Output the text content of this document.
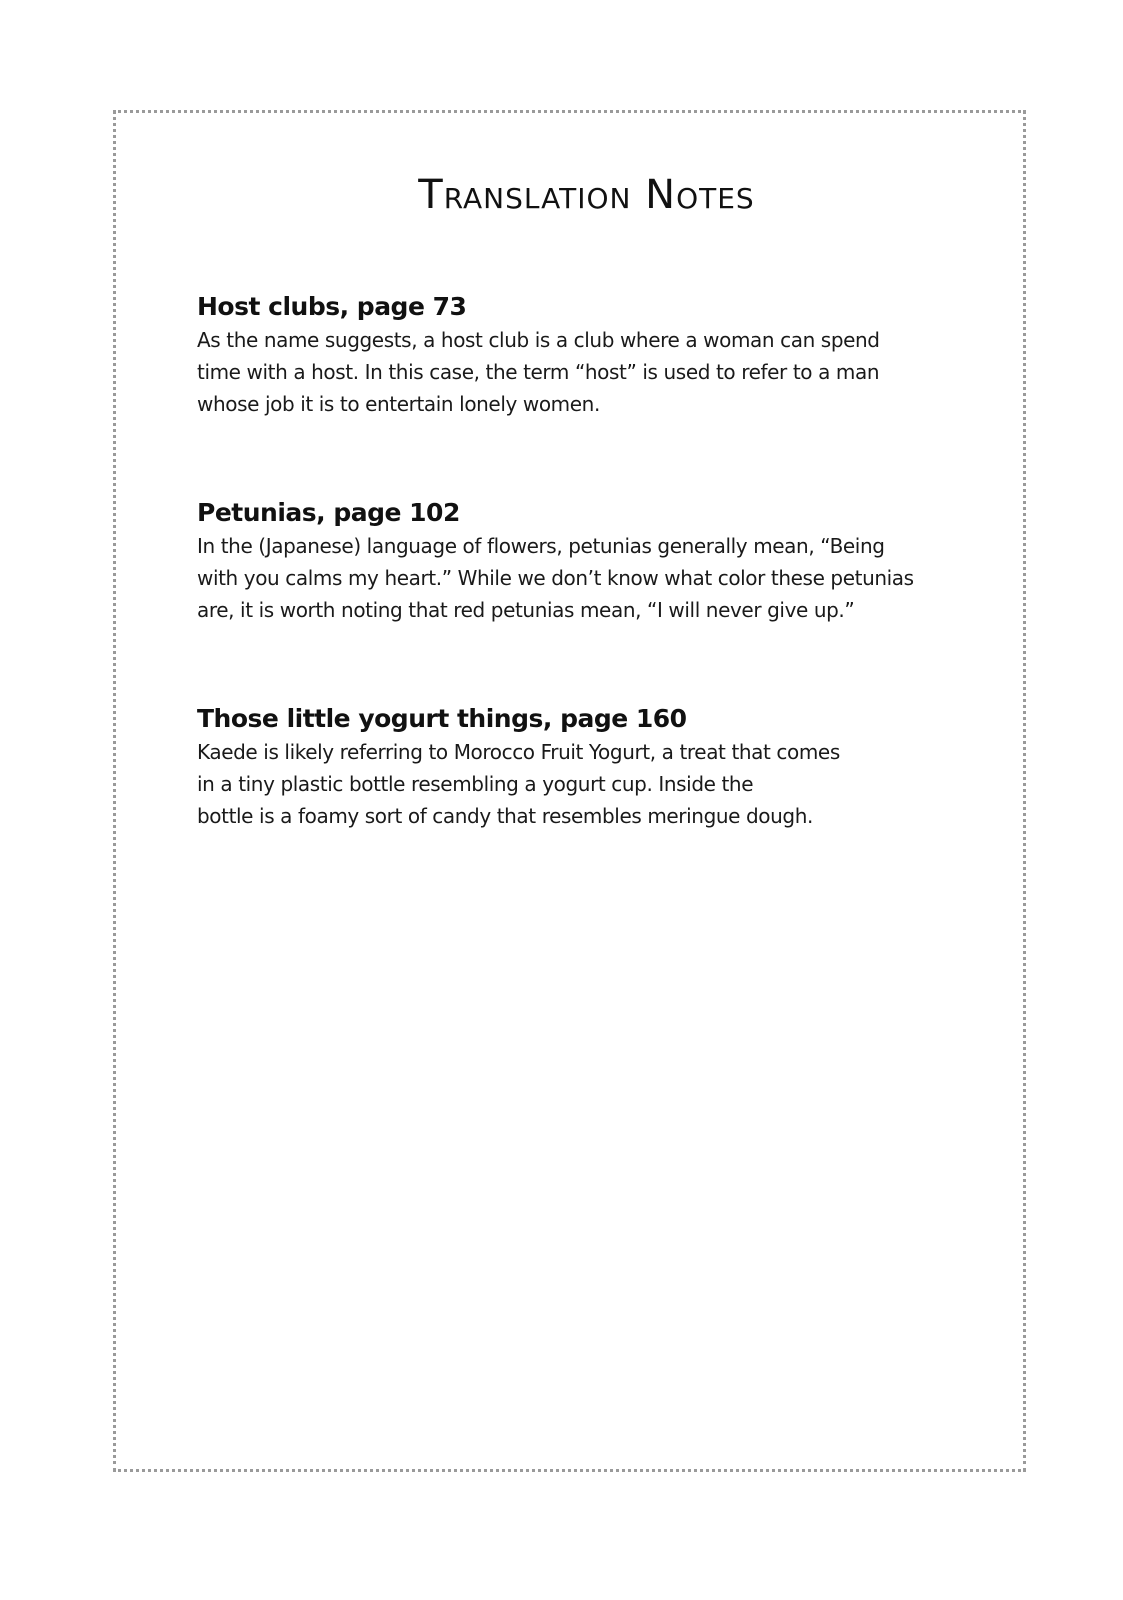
Translation Notes
Host clubs, page 73

As the name suggests, a host club is a club where a woman can spend
time with a host. In this case, the term “host” is used to refer to a man
whose job it is to entertain lonely women.

Petunias, page 102

In the (Japanese) language of flowers, petunias generally mean, “Being
with you calms my heart.” While we don’t know what color these petunias
are, it is worth noting that red petunias mean, “I will never give up.”

Those little yogurt things, page 160

Kaede is likely referring to Morocco Fruit Yogurt, a treat that comes
in a tiny plastic bottle resembling a yogurt cup. Inside the
bottle is a foamy sort of candy that resembles meringue dough.
